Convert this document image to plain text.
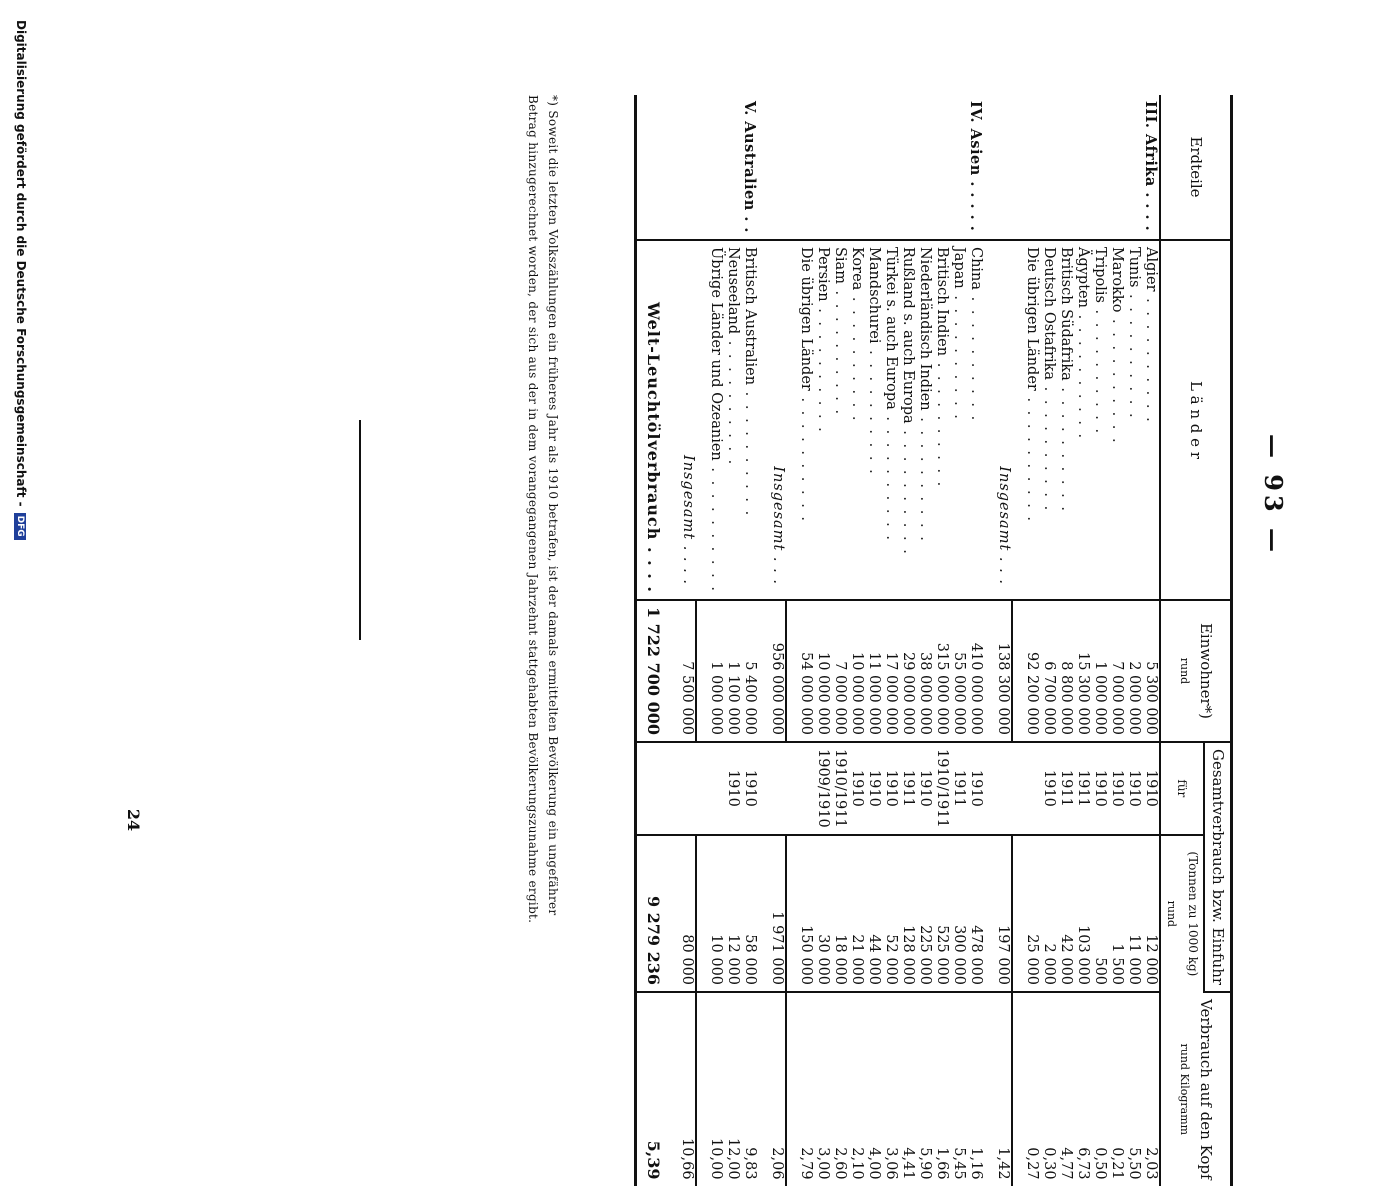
— 93 —
Erdteile	L ä n d e r	Einwohner*)
rund	Gesamtverbrauch bzw. Einfuhr		Verbrauch auf den Kopf
rund Kilogramm

			für	(Tonnen zu 1000 kg)
rund	

III. Afrika . . . .	Algier . . . . . . . . . .	5 300 000	1910	12 000	2,03
	Tunis . . . . . . . . . .	2 000 000	1910	11 000	5,50
	Marokko . . . . . . . . . .	7 000 000	1910	1 500	0,21
	Tripolis . . . . . . . . . .	1 000 000	1910	500	0,50
	Ägypten . . . . . . . . . .	15 300 000	1911	103 000	6,73
	Britisch Südafrika . . . . . . . . . .	8 800 000	1911	42 000	4,77
	Deutsch Ostafrika . . . . . . . . . .	6 700 000	1910	2 000	0,30
	Die übrigen Länder . . . . . . . . . .	92 200 000		25 000	0,27

	Insgesamt . . .	138 300 000		197 000	1,42

IV. Asien . . . . .	China . . . . . . . . . .	410 000 000	1910	478 000	1,16
	Japan . . . . . . . . . .	55 000 000	1911	300 000	5,45
	Britisch Indien . . . . . . . . . .	315 000 000	1910/1911	525 000	1,66
	Niederländisch Indien . . . . . . . . . .	38 000 000	1910	225 000	5,90
	Rußland s. auch Europa . . . . . . . . . .	29 000 000	1911	128 000	4,41
	Türkei s. auch Europa . . . . . . . . . .	17 000 000	1910	52 000	3,06
	Mandschurei . . . . . . . . . .	11 000 000	1910	44 000	4,00
	Korea . . . . . . . . . .	10 000 000	1910	21 000	2,10
	Siam . . . . . . . . . .	7 000 000	1910/1911	18 000	2,60
	Persien . . . . . . . . . .	10 000 000	1909/1910	30 000	3,00
	Die übrigen Länder . . . . . . . . . .	54 000 000		150 000	2,79

	Insgesamt . . .	956 000 000		1 971 000	2,06

V. Australien . .	Britisch Australien . . . . . . . . . .	5 400 000	1910	58 000	9,83
	Neuseeland . . . . . . . . . .	1 100 000	1910	12 000	12,00
	Übrige Länder und Ozeanien . . . . . . . . . .	1 000 000		10 000	10,00

	Insgesamt . . . .	7 500 000		80 000	10,66

	Welt-Leuchtölverbrauch . . . .	1 722 700 000		9 279 236	5,39
*) Soweit die letzten Volkszählungen ein früheres Jahr als 1910 betrafen, ist der damals ermittelten Bevölkerung ein ungefährer Betrag hinzugerechnet worden, der sich aus der in dem vorangegangenen Jahrzehnt stattgehabten Bevölkerungszunahme ergibt.
24
Digitalisierung gefördert durch die Deutsche Forschungsgemeinschaft -DFG
